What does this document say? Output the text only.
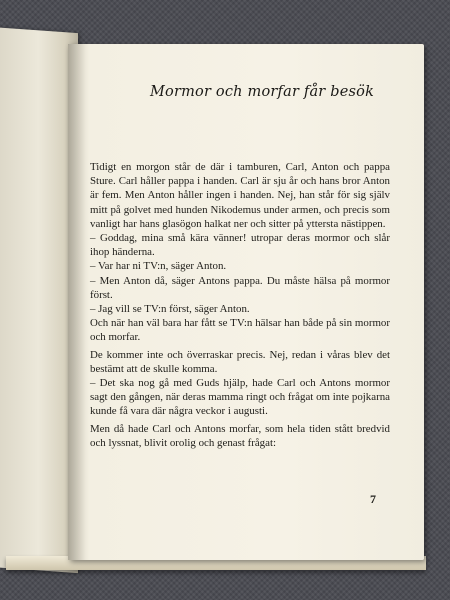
Mormor och morfar får besök

Tidigt en morgon står de där i tamburen, Carl, Anton och pappa Sture. Carl håller pappa i handen. Carl är sju år och hans bror Anton är fem. Men Anton håller ingen i handen. Nej, han står för sig själv mitt på golvet med hunden Nikodemus under armen, och precis som vanligt har hans glasögon halkat ner och sitter på yttersta nästippen.

– Goddag, mina små kära vänner! utropar deras mormor och slår ihop händerna.

– Var har ni TV:n, säger Anton.

– Men Anton då, säger Antons pappa. Du måste hälsa på mormor först.

– Jag vill se TV:n först, säger Anton.

Och när han väl bara har fått se TV:n hälsar han både på sin mormor och morfar.

De kommer inte och överraskar precis. Nej, redan i våras blev det bestämt att de skulle komma.

– Det ska nog gå med Guds hjälp, hade Carl och Antons mormor sagt den gången, när deras mamma ringt och frågat om inte pojkarna kunde få vara där några veckor i augusti.

Men då hade Carl och Antons morfar, som hela tiden stått bredvid och lyssnat, blivit orolig och genast frågat:

7
